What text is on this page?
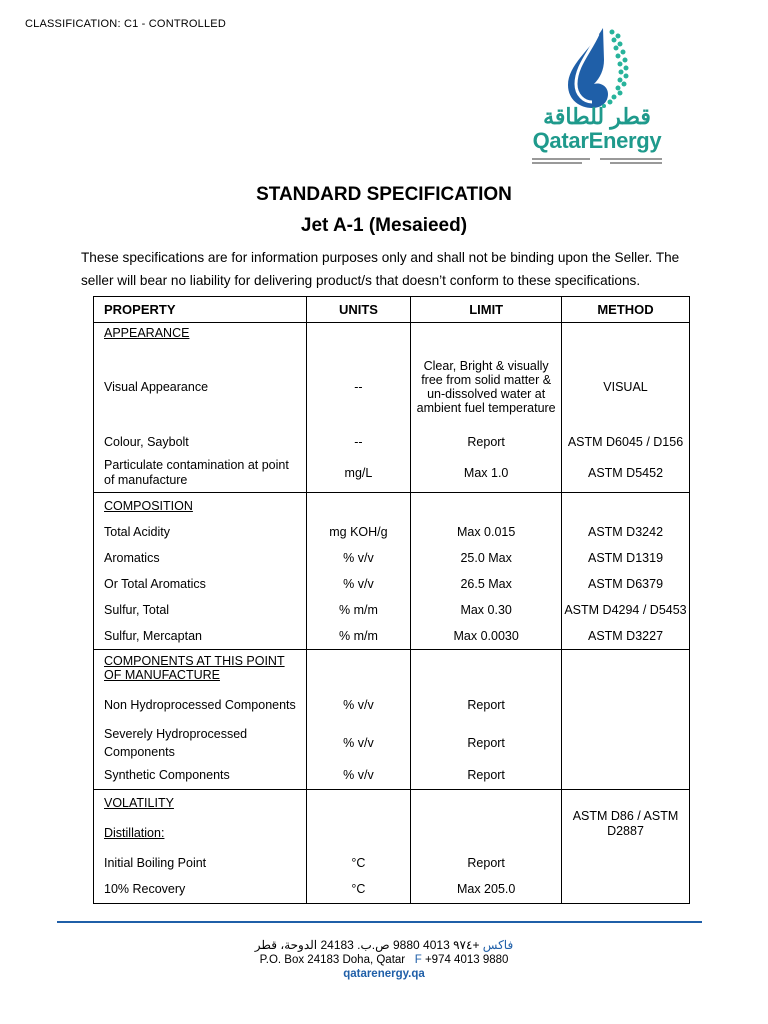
CLASSIFICATION: C1 - CONTROLLED
قطر للطاقة
QatarEnergy
STANDARD SPECIFICATION
Jet A-1 (Mesaieed)
These specifications are for information purposes only and shall not be binding upon the Seller. The seller will bear no liability for delivering product/s that doesn’t conform to these specifications.
PROPERTY	UNITS	LIMIT	METHOD
APPEARANCE			
Visual Appearance	--	Clear, Bright & visually free from solid matter & un-dissolved water at ambient fuel temperature	VISUAL
Colour, Saybolt	--	Report	ASTM D6045 / D156
Particulate contamination at point of manufacture	mg/L	Max 1.0	ASTM D5452
COMPOSITION			
Total Acidity	mg KOH/g	Max 0.015	ASTM D3242
Aromatics	% v/v	25.0 Max	ASTM D1319
Or Total Aromatics	% v/v	26.5 Max	ASTM D6379
Sulfur, Total	% m/m	Max 0.30	ASTM D4294 / D5453
Sulfur, Mercaptan	% m/m	Max 0.0030	ASTM D3227
COMPONENTS AT THIS POINT OF MANUFACTURE			
Non Hydroprocessed Components	% v/v	Report	
Severely Hydroprocessed Components	% v/v	Report	
Synthetic Components	% v/v	Report	
VOLATILITY			ASTM D86 / ASTM D2887
Distillation:			
Initial Boiling Point	°C	Report	
10% Recovery	°C	Max 205.0	
ص.ب. 24183 الدوحة، قطر	فاكس +٩٧٤ 4013 9880
P.O. Box 24183 Doha, Qatar F +974 4013 9880
qatarenergy.qa
